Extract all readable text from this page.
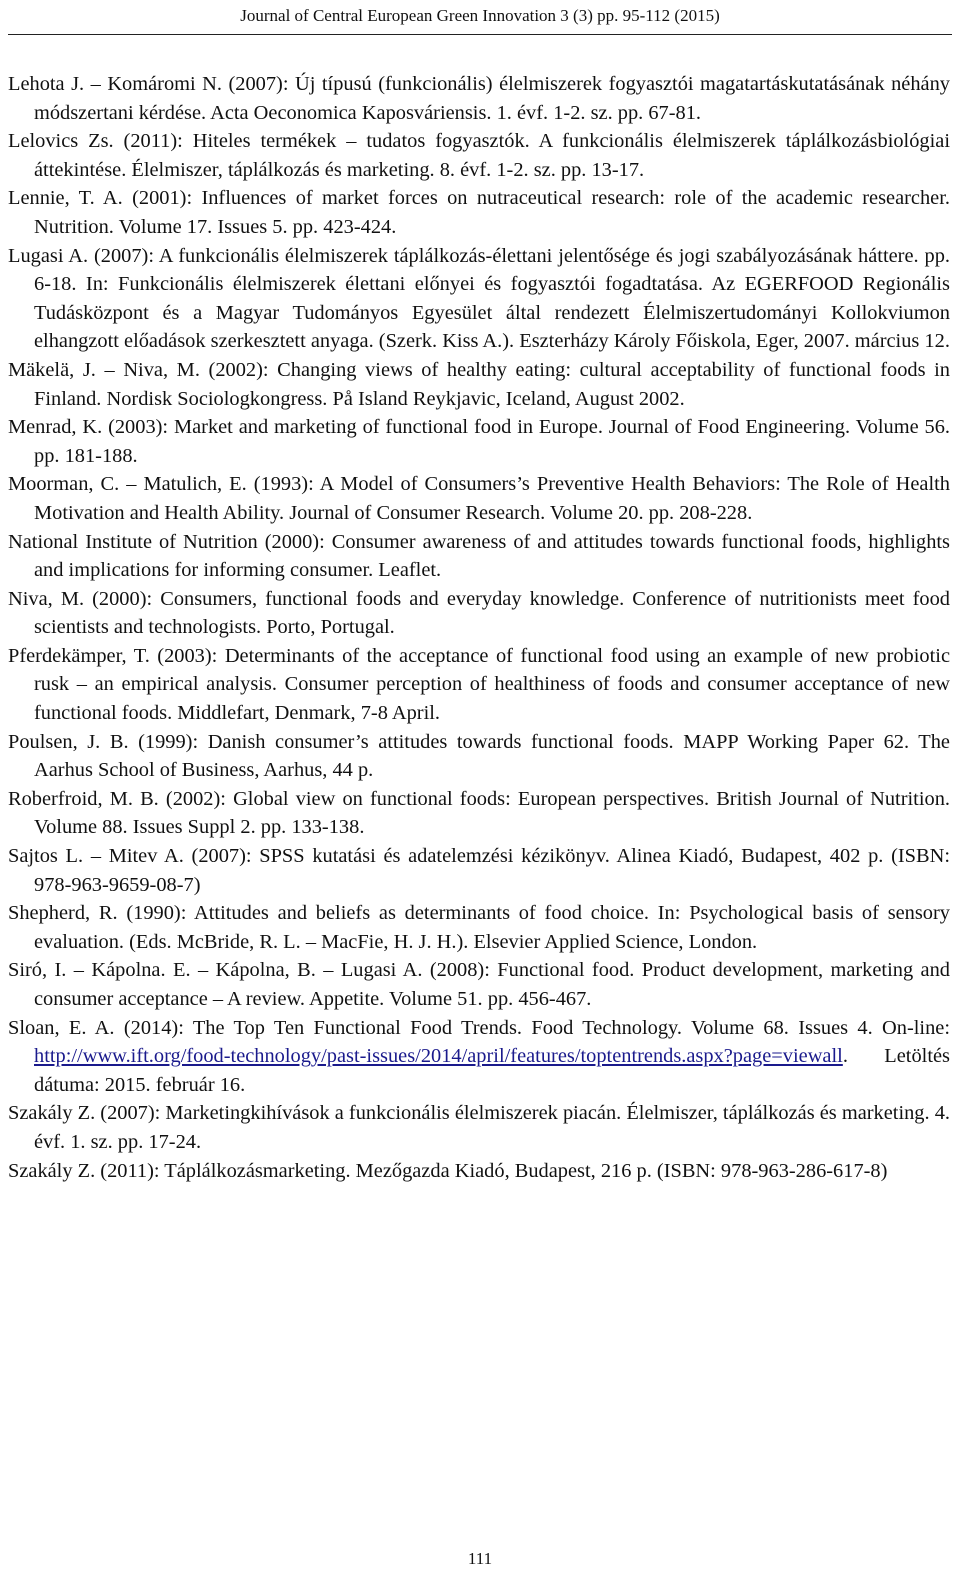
Journal of Central European Green Innovation 3 (3) pp. 95-112 (2015)

Lehota J. – Komáromi N. (2007): Új típusú (funkcionális) élelmiszerek fogyasztói magatartáskutatásának néhány módszertani kérdése. Acta Oeconomica Kaposváriensis. 1. évf. 1-2. sz. pp. 67-81.

Lelovics Zs. (2011): Hiteles termékek – tudatos fogyasztók. A funkcionális élelmiszerek táplálkozásbiológiai áttekintése. Élelmiszer, táplálkozás és marketing. 8. évf. 1-2. sz. pp. 13-17.

Lennie, T. A. (2001): Influences of market forces on nutraceutical research: role of the academic researcher. Nutrition. Volume 17. Issues 5. pp. 423-424.

Lugasi A. (2007): A funkcionális élelmiszerek táplálkozás-élettani jelentősége és jogi szabályozásának háttere. pp. 6-18. In: Funkcionális élelmiszerek élettani előnyei és fogyasztói fogadtatása. Az EGERFOOD Regionális Tudásközpont és a Magyar Tudományos Egyesület által rendezett Élelmiszertudományi Kollokviumon elhangzott előadások szerkesztett anyaga. (Szerk. Kiss A.). Eszterházy Károly Főiskola, Eger, 2007. március 12.

Mäkelä, J. – Niva, M. (2002): Changing views of healthy eating: cultural acceptability of functional foods in Finland. Nordisk Sociologkongress. På Island Reykjavic, Iceland, August 2002.

Menrad, K. (2003): Market and marketing of functional food in Europe. Journal of Food Engineering. Volume 56. pp. 181-188.

Moorman, C. – Matulich, E. (1993): A Model of Consumers’s Preventive Health Behaviors: The Role of Health Motivation and Health Ability. Journal of Consumer Research. Volume 20. pp. 208-228.

National Institute of Nutrition (2000): Consumer awareness of and attitudes towards functional foods, highlights and implications for informing consumer. Leaflet.

Niva, M. (2000): Consumers, functional foods and everyday knowledge. Conference of nutritionists meet food scientists and technologists. Porto, Portugal.

Pferdekämper, T. (2003): Determinants of the acceptance of functional food using an example of new probiotic rusk – an empirical analysis. Consumer perception of healthiness of foods and consumer acceptance of new functional foods. Middlefart, Denmark, 7-8 April.

Poulsen, J. B. (1999): Danish consumer’s attitudes towards functional foods. MAPP Working Paper 62. The Aarhus School of Business, Aarhus, 44 p.

Roberfroid, M. B. (2002): Global view on functional foods: European perspectives. British Journal of Nutrition. Volume 88. Issues Suppl 2. pp. 133-138.

Sajtos L. – Mitev A. (2007): SPSS kutatási és adatelemzési kézikönyv. Alinea Kiadó, Budapest, 402 p. (ISBN: 978-963-9659-08-7)

Shepherd, R. (1990): Attitudes and beliefs as determinants of food choice. In: Psychological basis of sensory evaluation. (Eds. McBride, R. L. – MacFie, H. J. H.). Elsevier Applied Science, London.

Siró, I. – Kápolna. E. – Kápolna, B. – Lugasi A. (2008): Functional food. Product development, marketing and consumer acceptance – A review. Appetite. Volume 51. pp. 456-467.

Sloan, E. A. (2014): The Top Ten Functional Food Trends. Food Technology. Volume 68. Issues 4. On-line: http://www.ift.org/food-technology/past-issues/2014/april/features/toptentrends.aspx?page=viewall. Letöltés dátuma: 2015. február 16.

Szakály Z. (2007): Marketingkihívások a funkcionális élelmiszerek piacán. Élelmiszer, táplálkozás és marketing. 4. évf. 1. sz. pp. 17-24.

Szakály Z. (2011): Táplálkozásmarketing. Mezőgazda Kiadó, Budapest, 216 p. (ISBN: 978-963-286-617-8)

111
